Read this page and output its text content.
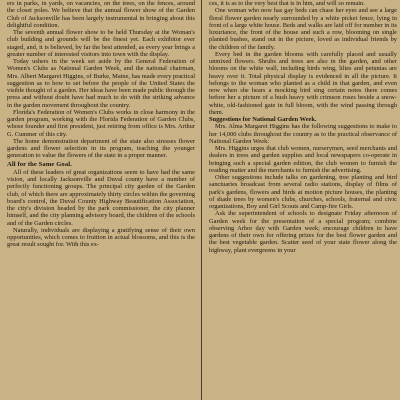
ers in parks, in yards, on vacancies, on the trees, on the fences, around the closet poles. We believe that the annual flower show of the Garden Club of Jacksonville has been largely instrumental in bringing about this delightful condition.

The seventh annual flower show to be held Thursday at the Woman's club building and grounds will be the finest yet. Each exhibitor ever staged, and, it is believed, by far the best attended, as every year brings a greater number of interested visitors into town with the display.

Today ushers in the week set aside by the General Federation of Women's Clubs as National Garden Week, and the national chairman, Mrs. Albert Margaret Higgins, of Burke, Maine, has made every practical suggestion as to how to set before the people of the United States the visible thought of a garden. Her ideas have been made public through the press and without doubt have had much to do with the striking advance in the garden movement throughout the country.

Florida's Federation of Women's Clubs works in close harmony in the garden program, working with the Florida Federation of Garden Clubs, whose founder and first president, just retiring from office is Mrs. Arthur G. Cummer of this city.

The home demonstration department of the state also stresses flower gardens and flower selection in its program, teaching the younger generation to value the flowers of the state in a proper manner.

All for the Same Goal.

All of these leaders of great organizations seem to have had the same vision, and locally Jacksonville and Duval county have a number of perfectly functioning groups. The principal city garden of the Garden club, of which there are approximately thirty circles within the governing board's control, the Duval County Highway Beautification Association, the city's division headed by the park commissioner, the city planner himself, and the city planning advisory board, the children of the schools and of the Garden circles.

Naturally, individuals are displaying a gratifying sense of their own opportunities, which comes to fruition in actual blossoms, and this is the great result sought for. With this ex-

ces, it is as to the very best that is in him, and will so remain.

One woman who now has gay beds can chase her eyes and see a large floral flower garden nearly surrounded by a white picket fence, lying in front of a large white house. Beds and walks are laid off for number in its luxuriance, the front of the house and such a row, blooming on single planted bushes, stand out in the picture, loved as individual friends by the children of the family.

Every bed in the garden blooms with carefully placed and usually unmixed flowers. Shrubs and trees are also in the garden, and other blooms on the white wall, including birds wing, lilies and petunias are heavy over it. Total physical display is evidenced in all the picture. It belongs to the woman who planted as a child in that garden, and even now when she hears a mocking bird sing certain notes there comes before her a picture of a bush heavy with crimson roses beside a snow-white, old-fashioned gate in full bloom, with the wind passing through them.

Suggestions for National Garden Week.

Mrs. Alma Margaret Higgins has the following suggestions to make to her 14,000 clubs throughout the country as to the practical observance of National Garden Week:

Mrs. Higgins urges that club women, nurserymen, seed merchants and dealers in trees and garden supplies and local newspapers co-operate in bringing such a special garden edition, the club women to furnish the reading matter and the merchants to furnish the advertising.

Other suggestions include talks on gardening, tree planting and bird sanctuaries broadcast from several radio stations, display of films of park's gardens, flowers and birds at motion picture houses, the planting of shade trees by women's clubs, churches, schools, fraternal and civic organizations, Boy and Girl Scouts and Camp-fire Girls.

Ask the superintendent of schools to designate Friday afternoon of Garden week for the presentation of a special program; combine observing Arbor day with Garden week; encourage children to have gardens of their own for offering prizes for the best flower garden and the best vegetable garden. Scatter seed of your state flower along the highway, plant evergreens in your
